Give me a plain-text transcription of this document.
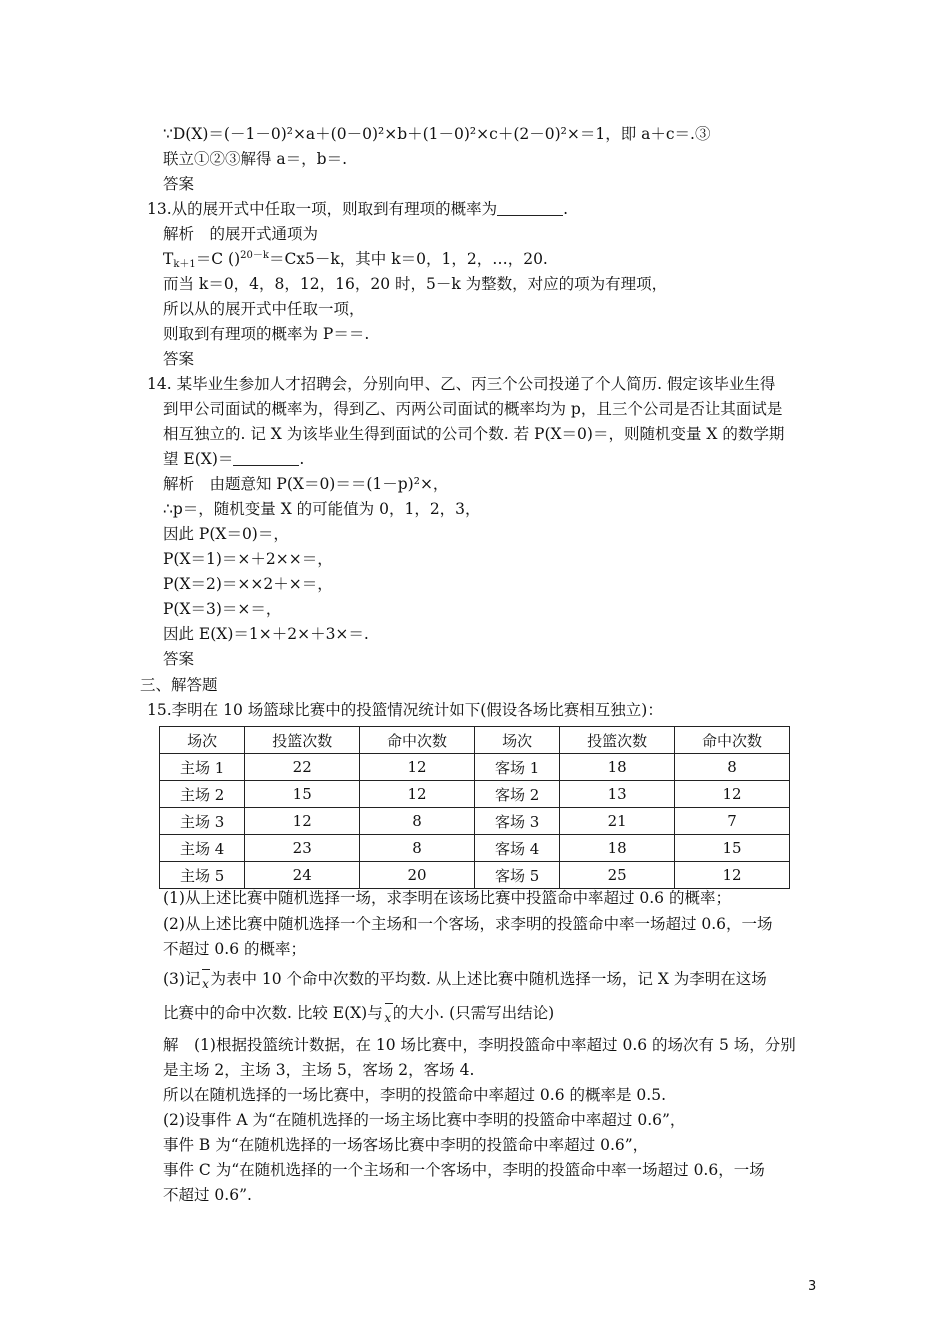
∵D(X)＝(－1－0)²×a＋(0－0)²×b＋(1－0)²×c＋(2－0)²×＝1，即 a＋c＝.③
联立①②③解得 a＝，b＝.
答案
13.从的展开式中任取一项，则取到有理项的概率为	.
解析　的展开式通项为
$T_{k+1}=C$ ()$^{20-k}$＝Cx5－k，其中 k＝0，1，2，…，20.
而当 k＝0，4，8，12，16，20 时，5－k 为整数，对应的项为有理项，
所以从的展开式中任取一项，
则取到有理项的概率为 P＝＝.
答案
14. 某毕业生参加人才招聘会，分别向甲、乙、丙三个公司投递了个人简历. 假定该毕业生得
到甲公司面试的概率为，得到乙、丙两公司面试的概率均为 p，且三个公司是否让其面试是
相互独立的. 记 X 为该毕业生得到面试的公司个数. 若 P(X＝0)＝，则随机变量 X 的数学期
望 E(X)＝	.
解析　由题意知 P(X＝0)＝＝(1－p)²×，
∴p＝，随机变量 X 的可能值为 0，1，2，3，
因此 P(X＝0)＝，
P(X＝1)＝×＋2××＝，
P(X＝2)＝××2＋×＝，
P(X＝3)＝×＝，
因此 E(X)＝1×＋2×＋3×＝.
答案
三、解答题
15.李明在 10 场篮球比赛中的投篮情况统计如下(假设各场比赛相互独立)：
场次	投篮次数	命中次数	场次	投篮次数	命中次数
主场 1	22	12	客场 1	18	8
主场 2	15	12	客场 2	13	12
主场 3	12	8	客场 3	21	7
主场 4	23	8	客场 4	18	15
主场 5	24	20	客场 5	25	12
(1)从上述比赛中随机选择一场，求李明在该场比赛中投篮命中率超过 0.6 的概率；
(2)从上述比赛中随机选择一个主场和一个客场，求李明的投篮命中率一场超过 0.6，一场
不超过 0.6 的概率；
(3)记 x 为表中 10 个命中次数的平均数. 从上述比赛中随机选择一场，记 X 为李明在这场
比赛中的命中次数. 比较 E(X)与 x 的大小. (只需写出结论)
解　(1)根据投篮统计数据，在 10 场比赛中，李明投篮命中率超过 0.6 的场次有 5 场，分别
是主场 2，主场 3，主场 5，客场 2，客场 4.
所以在随机选择的一场比赛中，李明的投篮命中率超过 0.6 的概率是 0.5.
(2)设事件 A 为“在随机选择的一场主场比赛中李明的投篮命中率超过 0.6”，
事件 B 为“在随机选择的一场客场比赛中李明的投篮命中率超过 0.6”，
事件 C 为“在随机选择的一个主场和一个客场中，李明的投篮命中率一场超过 0.6，一场
不超过 0.6”.
3
